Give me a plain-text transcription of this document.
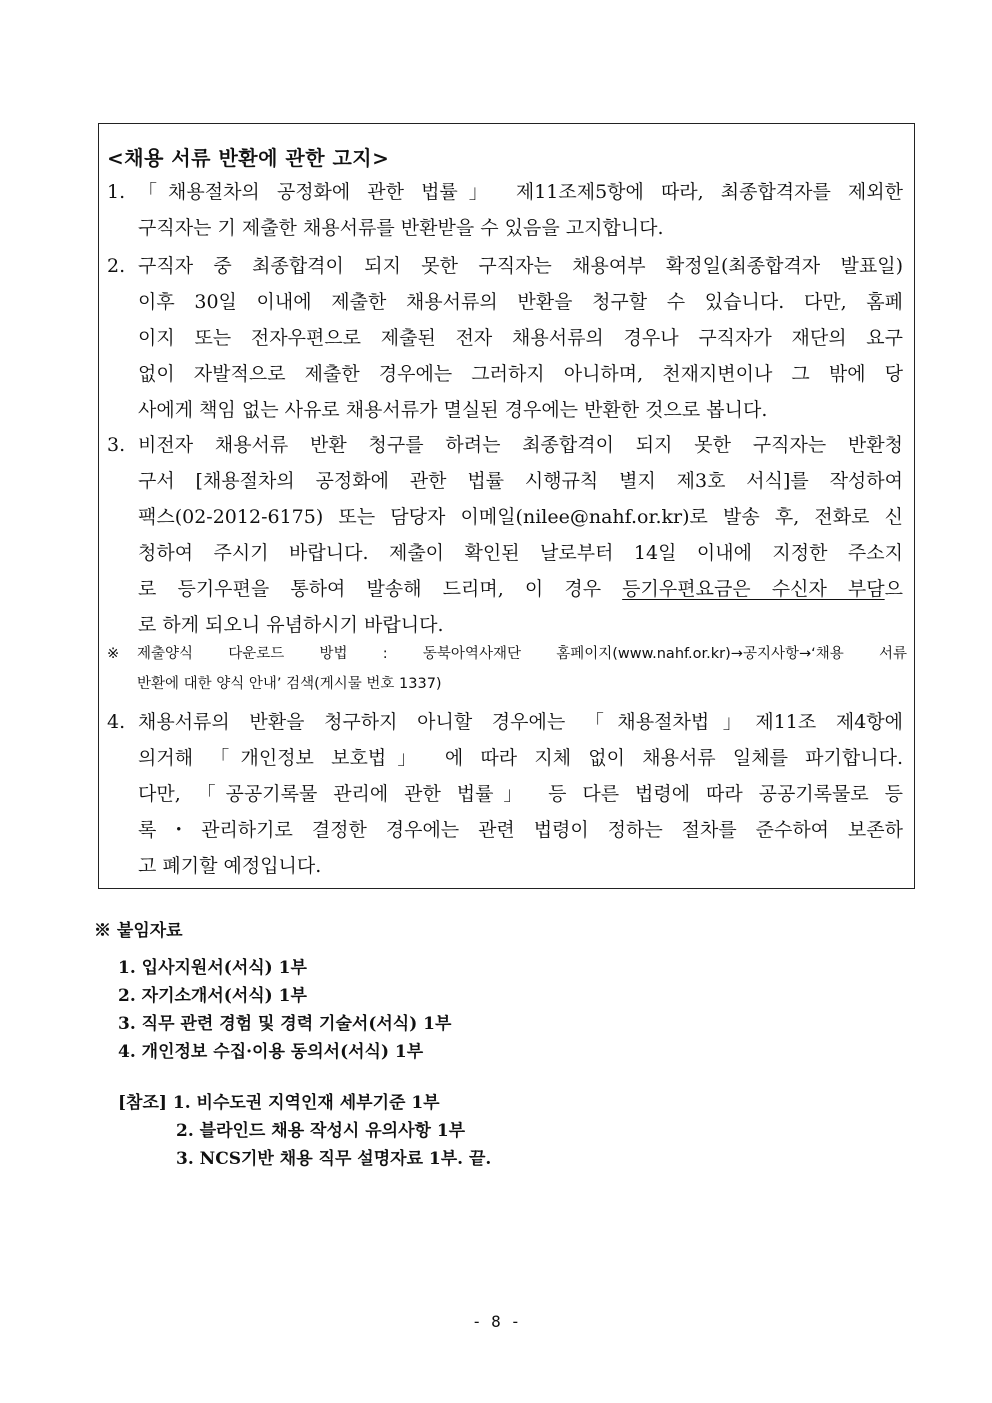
<채용 서류 반환에 관한 고지>
1. 「채용절차의 공정화에 관한 법률」 제11조제5항에 따라, 최종합격자를 제외한
구직자는 기 제출한 채용서류를 반환받을 수 있음을 고지합니다.
2. 구직자 중 최종합격이 되지 못한 구직자는 채용여부 확정일(최종합격자 발표일)
이후 30일 이내에 제출한 채용서류의 반환을 청구할 수 있습니다. 다만, 홈페
이지 또는 전자우편으로 제출된 전자 채용서류의 경우나 구직자가 재단의 요구
없이 자발적으로 제출한 경우에는 그러하지 아니하며, 천재지변이나 그 밖에 당
사에게 책임 없는 사유로 채용서류가 멸실된 경우에는 반환한 것으로 봅니다.
3. 비전자 채용서류 반환 청구를 하려는 최종합격이 되지 못한 구직자는 반환청
구서 [채용절차의 공정화에 관한 법률 시행규칙 별지 제3호 서식]를 작성하여
팩스(02-2012-6175) 또는 담당자 이메일(nilee@nahf.or.kr)로 발송 후, 전화로 신
청하여 주시기 바랍니다. 제출이 확인된 날로부터 14일 이내에 지정한 주소지
로 등기우편을 통하여 발송해 드리며, 이 경우 등기우편요금은 수신자 부담으
로 하게 되오니 유념하시기 바랍니다.
※ 제출양식 다운로드 방법 : 동북아역사재단 홈페이지(www.nahf.or.kr)→공지사항→‘채용 서류
반환에 대한 양식 안내’ 검색(게시물 번호 1337)
4. 채용서류의 반환을 청구하지 아니할 경우에는 「채용절차법」제11조 제4항에
의거해 「개인정보 보호법」 에 따라 지체 없이 채용서류 일체를 파기합니다.
다만, 「공공기록물 관리에 관한 법률」 등 다른 법령에 따라 공공기록물로 등
록・관리하기로 결정한 경우에는 관련 법령이 정하는 절차를 준수하여 보존하
고 폐기할 예정입니다.
※ 붙임자료
1. 입사지원서(서식) 1부
2. 자기소개서(서식) 1부
3. 직무 관련 경험 및 경력 기술서(서식) 1부
4. 개인정보 수집·이용 동의서(서식) 1부
[참조] 1. 비수도권 지역인재 세부기준 1부
2. 블라인드 채용 작성시 유의사항 1부
3. NCS기반 채용 직무 설명자료 1부. 끝.
- 8 -
